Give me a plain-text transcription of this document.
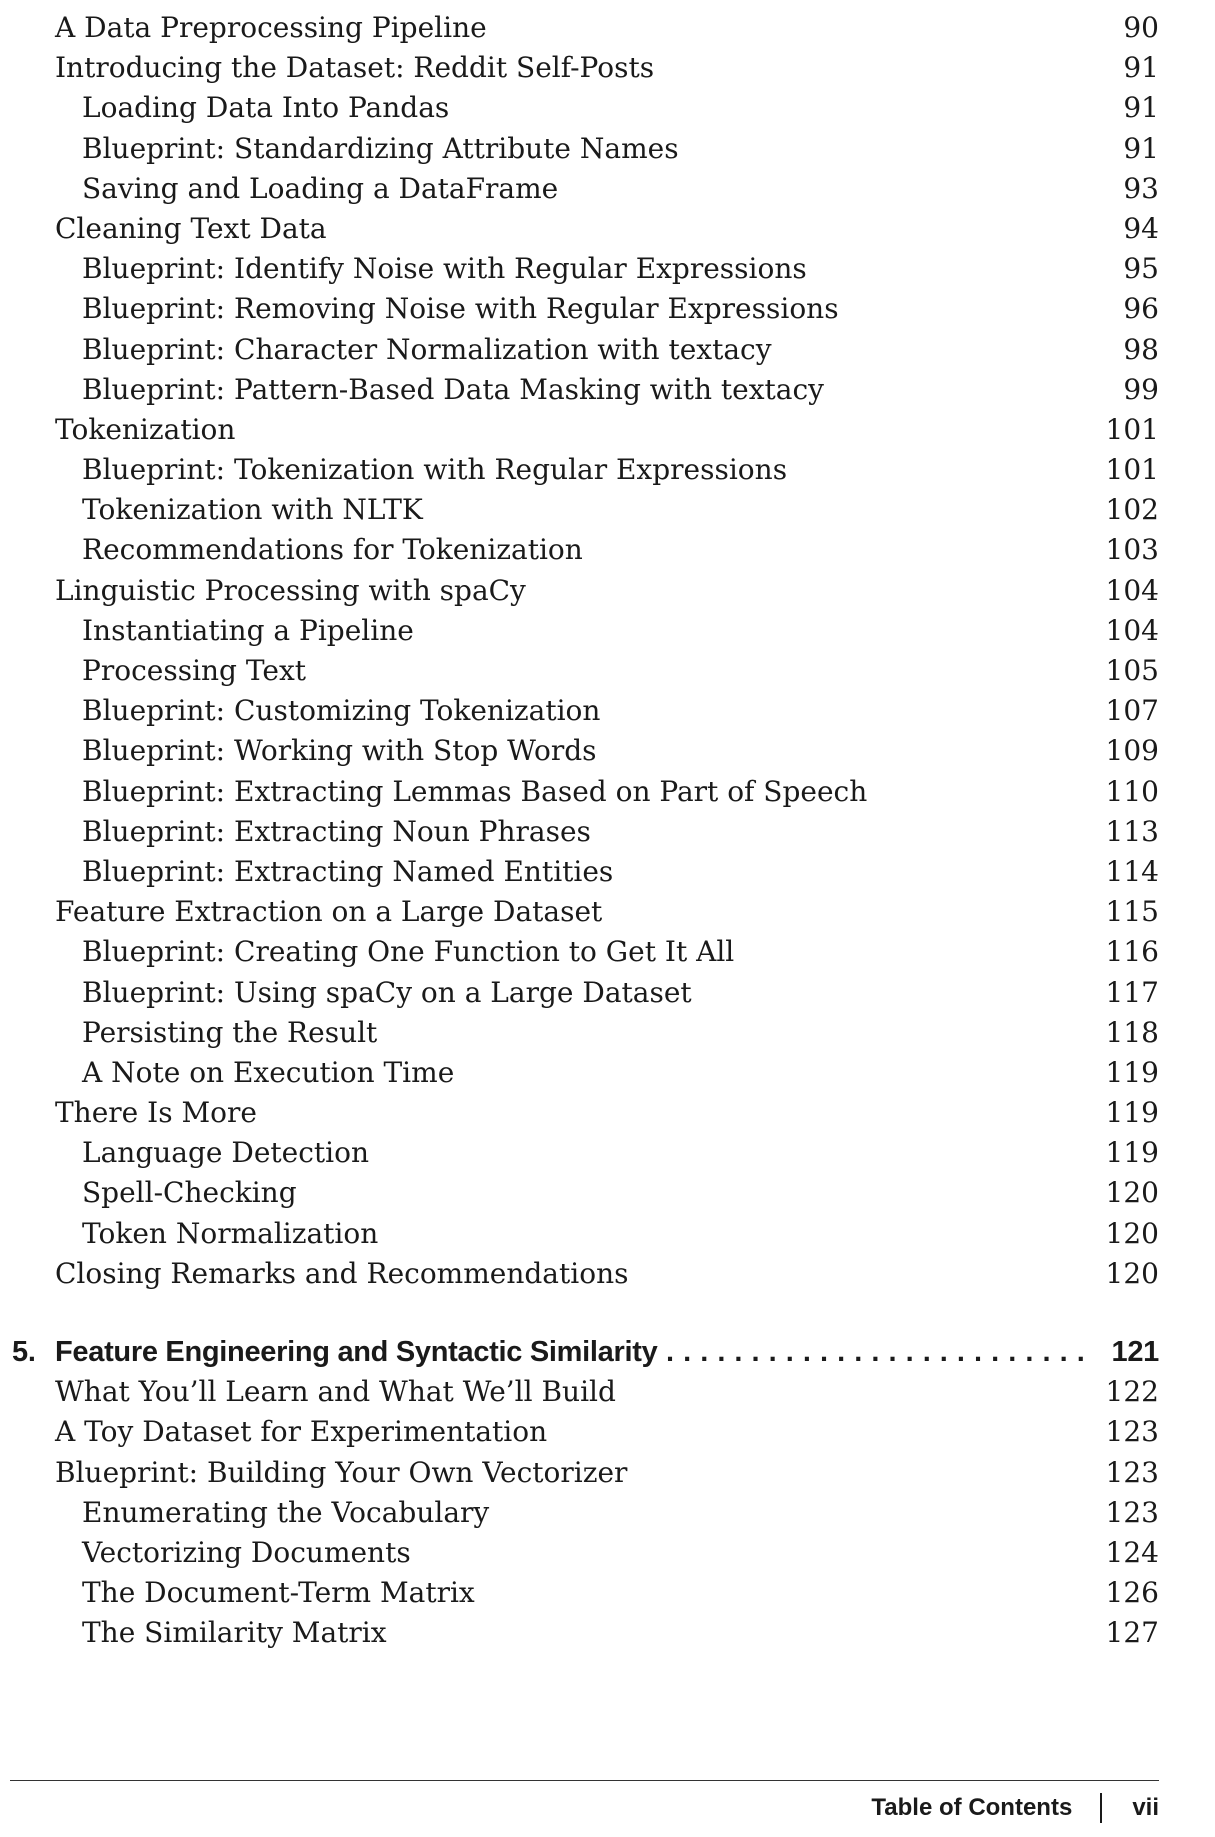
A Data Preprocessing Pipeline	90
Introducing the Dataset: Reddit Self-Posts	91
Loading Data Into Pandas	91
Blueprint: Standardizing Attribute Names	91
Saving and Loading a DataFrame	93
Cleaning Text Data	94
Blueprint: Identify Noise with Regular Expressions	95
Blueprint: Removing Noise with Regular Expressions	96
Blueprint: Character Normalization with textacy	98
Blueprint: Pattern-Based Data Masking with textacy	99
Tokenization	101
Blueprint: Tokenization with Regular Expressions	101
Tokenization with NLTK	102
Recommendations for Tokenization	103
Linguistic Processing with spaCy	104
Instantiating a Pipeline	104
Processing Text	105
Blueprint: Customizing Tokenization	107
Blueprint: Working with Stop Words	109
Blueprint: Extracting Lemmas Based on Part of Speech	110
Blueprint: Extracting Noun Phrases	113
Blueprint: Extracting Named Entities	114
Feature Extraction on a Large Dataset	115
Blueprint: Creating One Function to Get It All	116
Blueprint: Using spaCy on a Large Dataset	117
Persisting the Result	118
A Note on Execution Time	119
There Is More	119
Language Detection	119
Spell-Checking	120
Token Normalization	120
Closing Remarks and Recommendations	120
5. Feature Engineering and Syntactic Similarity . . .	121
What You’ll Learn and What We’ll Build	122
A Toy Dataset for Experimentation	123
Blueprint: Building Your Own Vectorizer	123
Enumerating the Vocabulary	123
Vectorizing Documents	124
The Document-Term Matrix	126
The Similarity Matrix	127
Table of Contents	vii
